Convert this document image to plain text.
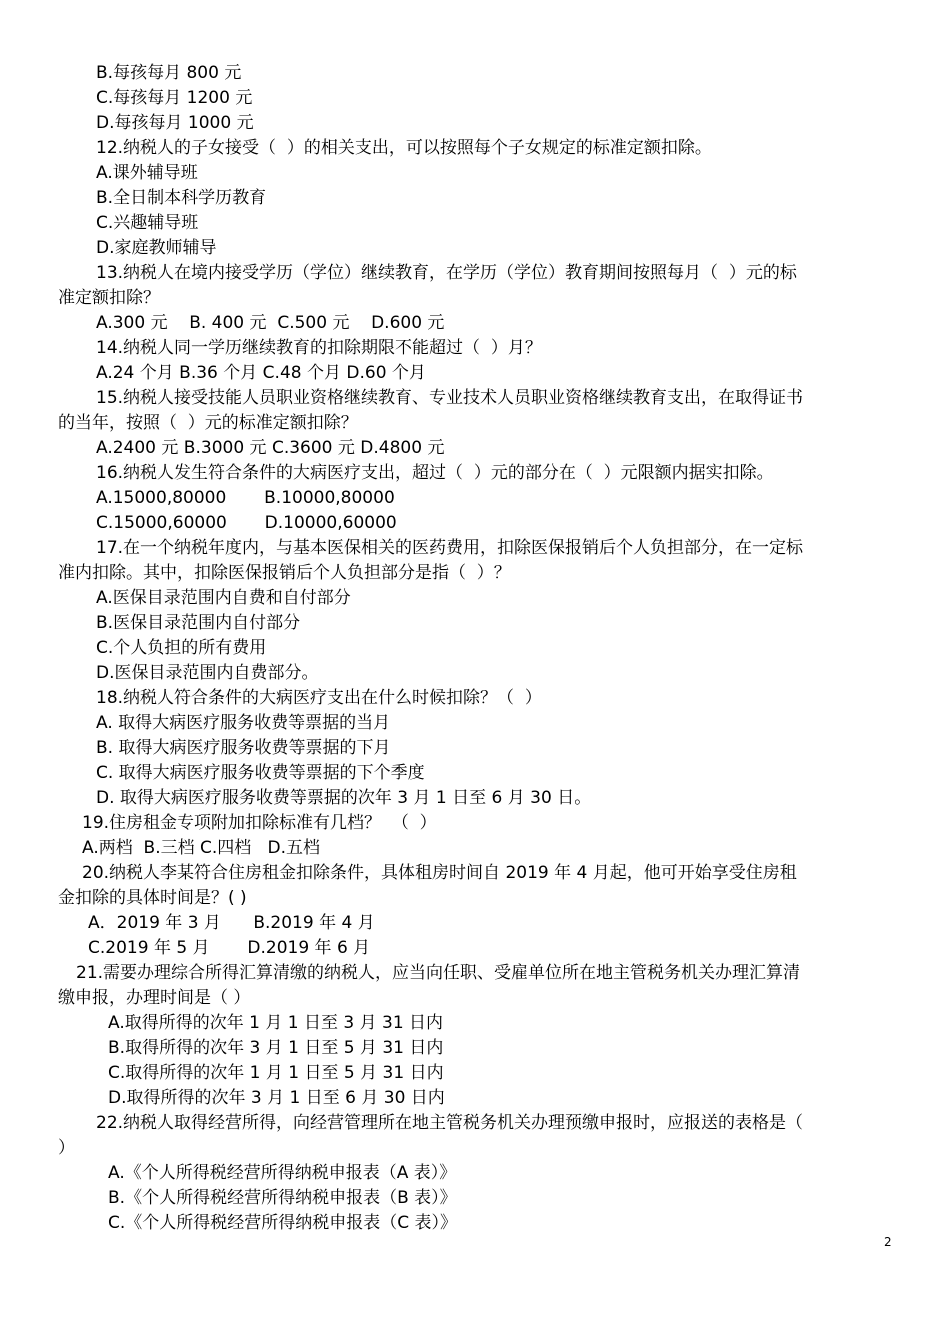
B.每孩每月 800 元

C.每孩每月 1200 元

D.每孩每月 1000 元

12.纳税人的子女接受（  ）的相关支出，可以按照每个子女规定的标准定额扣除。

A.课外辅导班

B.全日制本科学历教育

C.兴趣辅导班

D.家庭教师辅导

13.纳税人在境内接受学历（学位）继续教育，在学历（学位）教育期间按照每月（  ）元的标

准定额扣除？

A.300 元    B. 400 元  C.500 元    D.600 元

14.纳税人同一学历继续教育的扣除期限不能超过（  ）月？

A.24 个月 B.36 个月 C.48 个月 D.60 个月

15.纳税人接受技能人员职业资格继续教育、专业技术人员职业资格继续教育支出，在取得证书

的当年，按照（  ）元的标准定额扣除？

A.2400 元 B.3000 元 C.3600 元 D.4800 元

16.纳税人发生符合条件的大病医疗支出，超过（  ）元的部分在（  ）元限额内据实扣除。

A.15000,80000       B.10000,80000

C.15000,60000       D.10000,60000

17.在一个纳税年度内，与基本医保相关的医药费用，扣除医保报销后个人负担部分，在一定标

准内扣除。其中，扣除医保报销后个人负担部分是指（  ）？

A.医保目录范围内自费和自付部分

B.医保目录范围内自付部分

C.个人负担的所有费用

D.医保目录范围内自费部分。

18.纳税人符合条件的大病医疗支出在什么时候扣除？（  ）

A. 取得大病医疗服务收费等票据的当月

B. 取得大病医疗服务收费等票据的下月

C. 取得大病医疗服务收费等票据的下个季度

D. 取得大病医疗服务收费等票据的次年 3 月 1 日至 6 月 30 日。

19.住房租金专项附加扣除标准有几档？  （  ）

A.两档  B.三档 C.四档   D.五档

20.纳税人李某符合住房租金扣除条件，具体租房时间自 2019 年 4 月起，他可开始享受住房租

金扣除的具体时间是？( )

A．2019 年 3 月      B.2019 年 4 月

C.2019 年 5 月       D.2019 年 6 月

21.需要办理综合所得汇算清缴的纳税人，应当向任职、受雇单位所在地主管税务机关办理汇算清

缴申报，办理时间是（ ）

A.取得所得的次年 1 月 1 日至 3 月 31 日内

B.取得所得的次年 3 月 1 日至 5 月 31 日内

C.取得所得的次年 1 月 1 日至 5 月 31 日内

D.取得所得的次年 3 月 1 日至 6 月 30 日内

22.纳税人取得经营所得，向经营管理所在地主管税务机关办理预缴申报时，应报送的表格是（

）

A.《个人所得税经营所得纳税申报表（A 表）》

B.《个人所得税经营所得纳税申报表（B 表）》

C.《个人所得税经营所得纳税申报表（C 表）》

2
